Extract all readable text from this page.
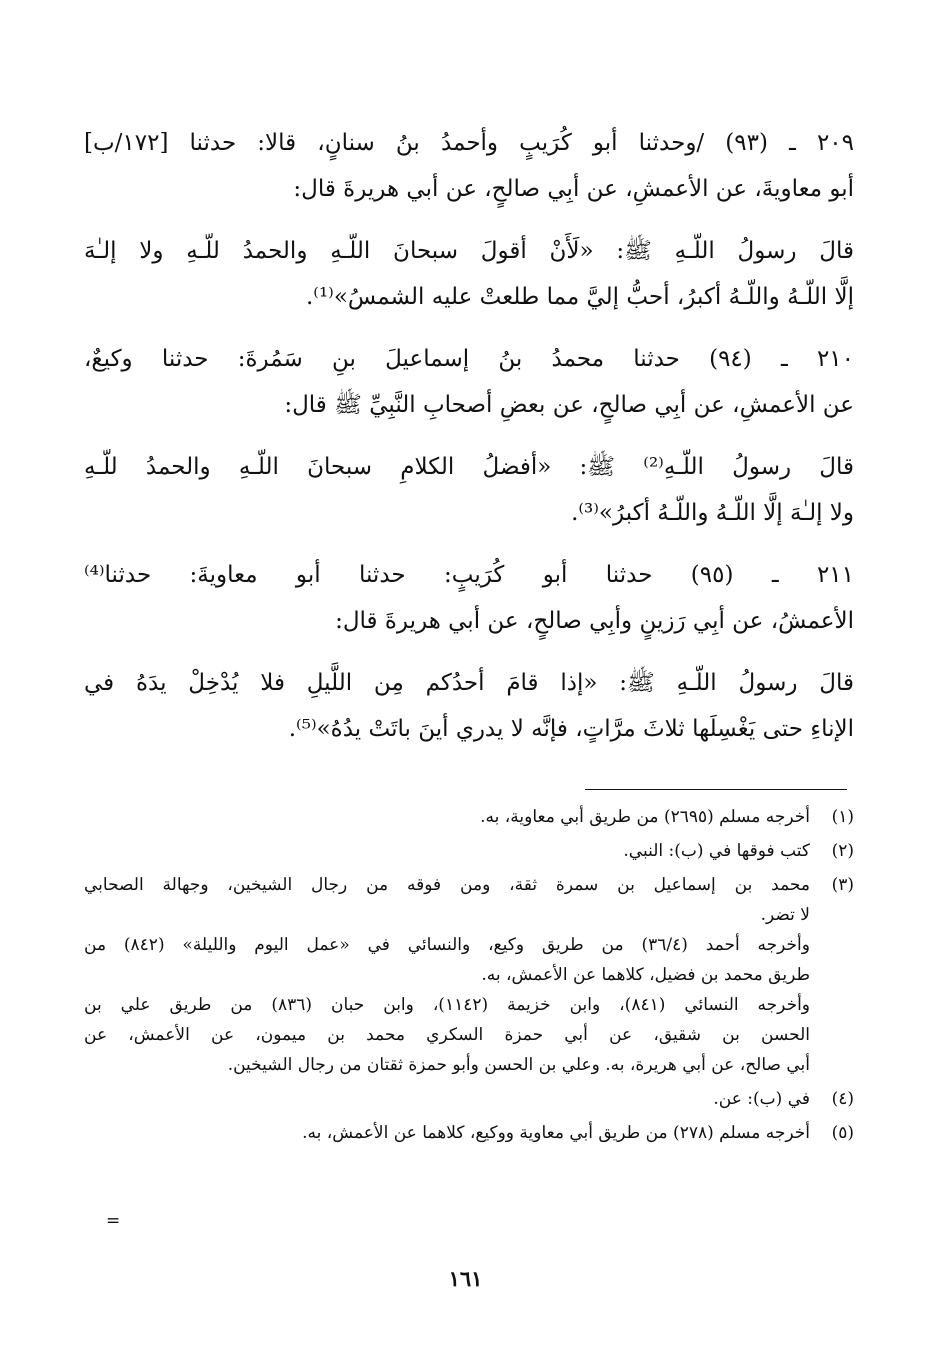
٢٠٩ ـ (٩٣) /وحدثنا أبو كُرَيبٍ وأحمدُ بنُ سنانٍ، قالا: حدثنا [١٧٢/ب]
أبو معاويةَ، عن الأعمشِ، عن أبِي صالحٍ، عن أبي هريرةَ قال:
قالَ رسولُ اللّـهِ ﷺ: «لَأَنْ أقولَ سبحانَ اللّـهِ والحمدُ للّـهِ ولا إلـٰهَ
إلَّا اللّـهُ واللّـهُ أكبرُ، أحبُّ إليَّ مما طلعتْ عليه الشمسُ»⁽¹⁾.
٢١٠ ـ (٩٤) حدثنا محمدُ بنُ إسماعيلَ بنِ سَمُرةَ: حدثنا وكيعٌ،
عن الأعمشِ، عن أبِي صالحٍ، عن بعضِ أصحابِ النَّبِيِّ ﷺ قال:
قالَ رسولُ اللّـهِ⁽²⁾ ﷺ: «أفضلُ الكلامِ سبحانَ اللّـهِ والحمدُ للّـهِ
ولا إلـٰهَ إلَّا اللّـهُ واللّـهُ أكبرُ»⁽³⁾.
٢١١ ـ (٩٥) حدثنا أبو كُرَيبٍ: حدثنا أبو معاويةَ: حدثنا⁽⁴⁾
الأعمشُ، عن أبِي رَزينٍ وأبِي صالحٍ، عن أبي هريرةَ قال:
قالَ رسولُ اللّـهِ ﷺ: «إذا قامَ أحدُكم مِن اللَّيلِ فلا يُدْخِلْ يدَهُ في
الإناءِ حتى يَغْسِلَها ثلاثَ مرَّاتٍ، فإنَّه لا يدري أينَ باتَتْ يدُهُ»⁽⁵⁾.
(١)
أخرجه مسلم (٢٦٩٥) من طريق أبي معاوية، به.
(٢)
كتب فوقها في (ب): النبي.
(٣)
محمد بن إسماعيل بن سمرة ثقة، ومن فوقه من رجال الشيخين، وجهالة الصحابي
لا تضر.
وأخرجه أحمد (٣٦/٤) من طريق وكيع، والنسائي في «عمل اليوم والليلة» (٨٤٢) من
طريق محمد بن فضيل، كلاهما عن الأعمش، به.
وأخرجه النسائي (٨٤١)، وابن خزيمة (١١٤٢)، وابن حبان (٨٣٦) من طريق علي بن
الحسن بن شقيق، عن أبي حمزة السكري محمد بن ميمون، عن الأعمش، عن
أبي صالح، عن أبي هريرة، به. وعلي بن الحسن وأبو حمزة ثقتان من رجال الشيخين.
(٤)
في (ب): عن.
(٥)
أخرجه مسلم (٢٧٨) من طريق أبي معاوية ووكيع، كلاهما عن الأعمش، به.
=
١٦١
